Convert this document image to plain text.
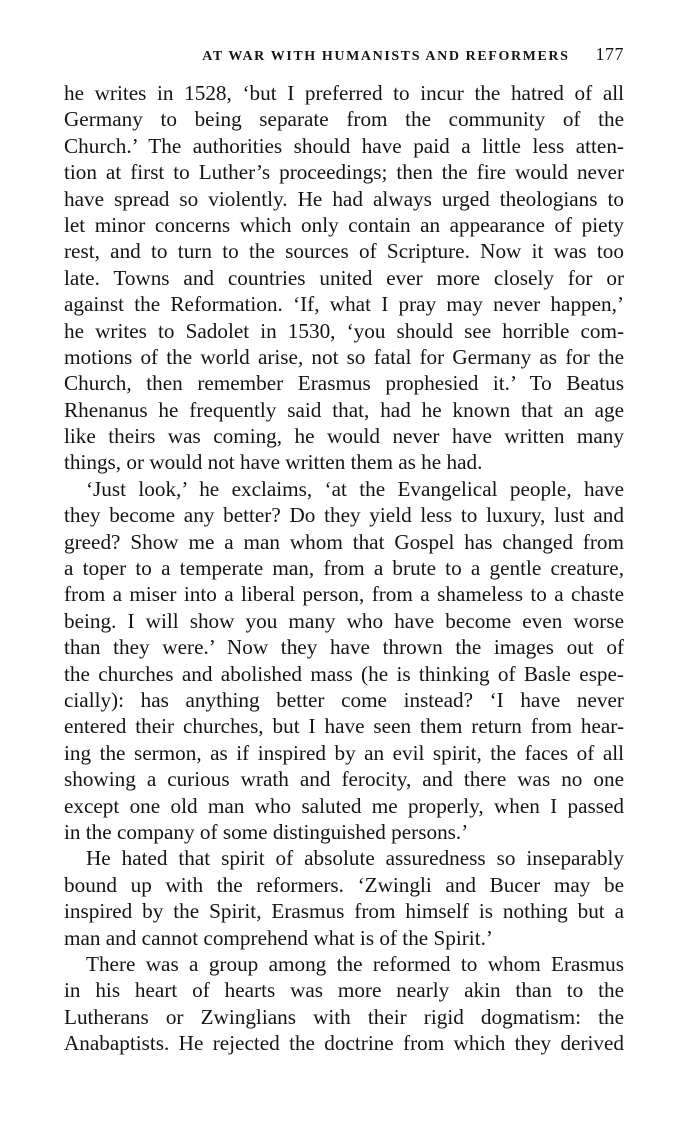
AT WAR WITH HUMANISTS AND REFORMERS 177

he writes in 1528, ‘but I preferred to incur the hatred of all
Germany to being separate from the community of the
Church.’ The authorities should have paid a little less atten-
tion at first to Luther’s proceedings; then the fire would never
have spread so violently. He had always urged theologians to
let minor concerns which only contain an appearance of piety
rest, and to turn to the sources of Scripture. Now it was too
late. Towns and countries united ever more closely for or
against the Reformation. ‘If, what I pray may never happen,’
he writes to Sadolet in 1530, ‘you should see horrible com-
motions of the world arise, not so fatal for Germany as for the
Church, then remember Erasmus prophesied it.’ To Beatus
Rhenanus he frequently said that, had he known that an age
like theirs was coming, he would never have written many
things, or would not have written them as he had.

‘Just look,’ he exclaims, ‘at the Evangelical people, have
they become any better? Do they yield less to luxury, lust and
greed? Show me a man whom that Gospel has changed from
a toper to a temperate man, from a brute to a gentle creature,
from a miser into a liberal person, from a shameless to a chaste
being. I will show you many who have become even worse
than they were.’ Now they have thrown the images out of
the churches and abolished mass (he is thinking of Basle espe-
cially): has anything better come instead? ‘I have never
entered their churches, but I have seen them return from hear-
ing the sermon, as if inspired by an evil spirit, the faces of all
showing a curious wrath and ferocity, and there was no one
except one old man who saluted me properly, when I passed
in the company of some distinguished persons.’

He hated that spirit of absolute assuredness so inseparably
bound up with the reformers. ‘Zwingli and Bucer may be
inspired by the Spirit, Erasmus from himself is nothing but a
man and cannot comprehend what is of the Spirit.’

There was a group among the reformed to whom Erasmus
in his heart of hearts was more nearly akin than to the
Lutherans or Zwinglians with their rigid dogmatism: the
Anabaptists. He rejected the doctrine from which they derived
